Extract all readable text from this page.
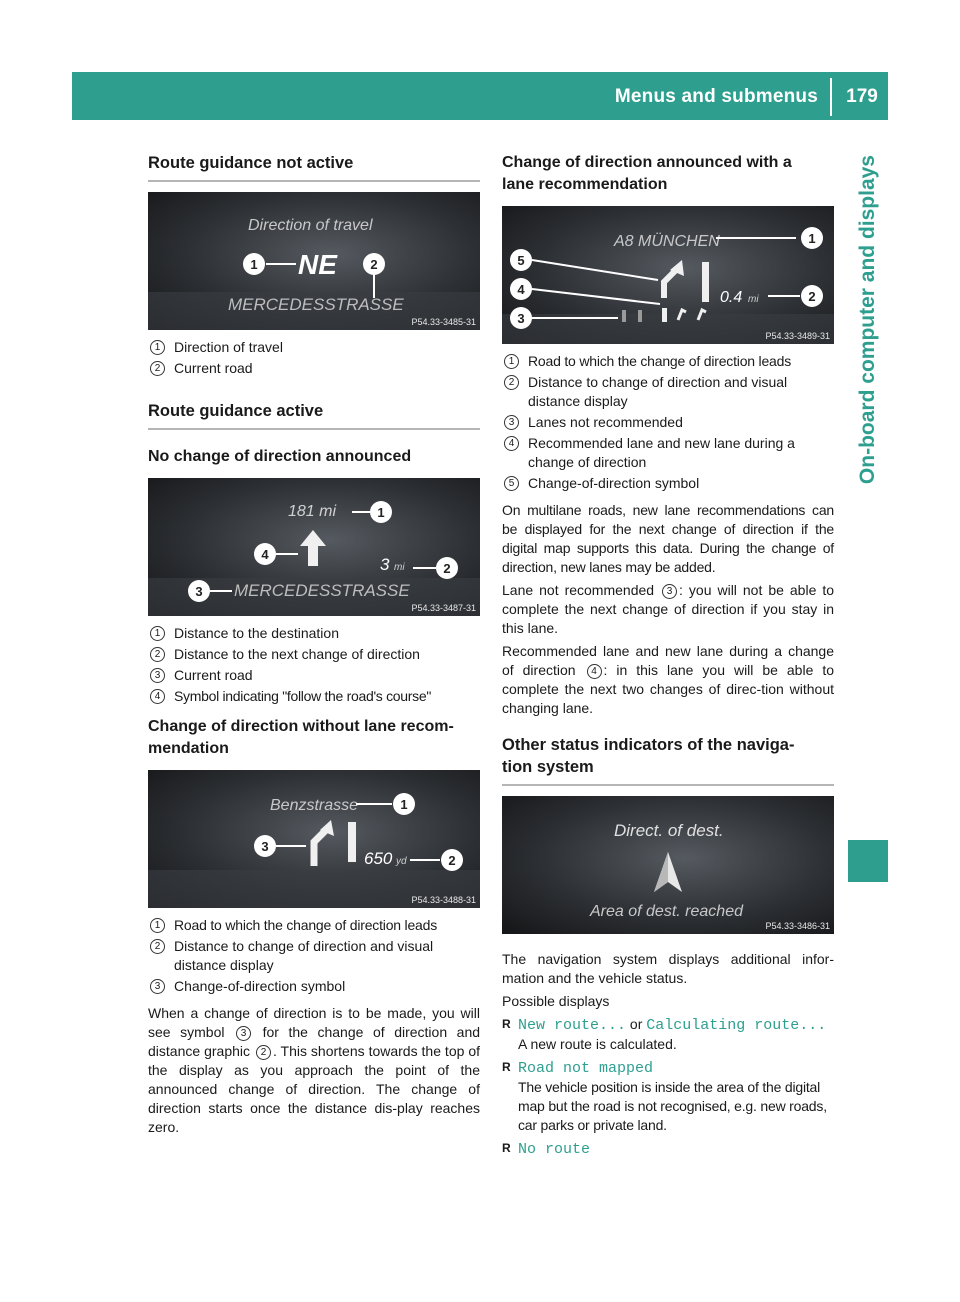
Menus and submenus	179
On-board computer and displays
Route guidance not active
Direction of travel
NE
MERCEDESSTRASSE
1	2
P54.33-3485-31
1 Direction of travel
2 Current road
Route guidance active
No change of direction announced
181 mi
3 mi
MERCEDESSTRASSE
1
2
3
4
P54.33-3487-31
1 Distance to the destination
2 Distance to the next change of direction
3 Current road
4 Symbol indicating "follow the road's course"
Change of direction without lane recom-
mendation
Benzstrasse
650 yd
1
2
3
P54.33-3488-31
1 Road to which the change of direction leads
2 Distance to change of direction and visual distance display
3 Change-of-direction symbol

When a change of direction is to be made, you will see symbol 3 for the change of direction and distance graphic 2 . This shortens towards the top of the display as you approach the point of the announced change of direction. The change of direction starts once the distance dis-play reaches zero.

Change of direction announced with a
lane recommendation
A8 MÜNCHEN
0.4 mi
1
2
3
4
5
P54.33-3489-31
1 Road to which the change of direction leads
2 Distance to change of direction and visual distance display
3 Lanes not recommended
4 Recommended lane and new lane during a change of direction
5 Change-of-direction symbol

On multilane roads, new lane recommendations can be displayed for the next change of direction if the digital map supports this data. During the change of direction, new lanes may be added.

Lane not recommended 3 : you will not be able to complete the next change of direction if you stay in this lane.

Recommended lane and new lane during a change of direction 4 : in this lane you will be able to complete the next two changes of direc-tion without changing lane.

Other status indicators of the naviga-
tion system
Direct. of dest.
Area of dest. reached
P54.33-3486-31

The navigation system displays additional infor-mation and the vehicle status.

Possible displays

R New route... or Calculating route...
A new route is calculated.
R Road not mapped
The vehicle position is inside the area of the digital map but the road is not recognised, e.g. new roads, car parks or private land.
R No route
